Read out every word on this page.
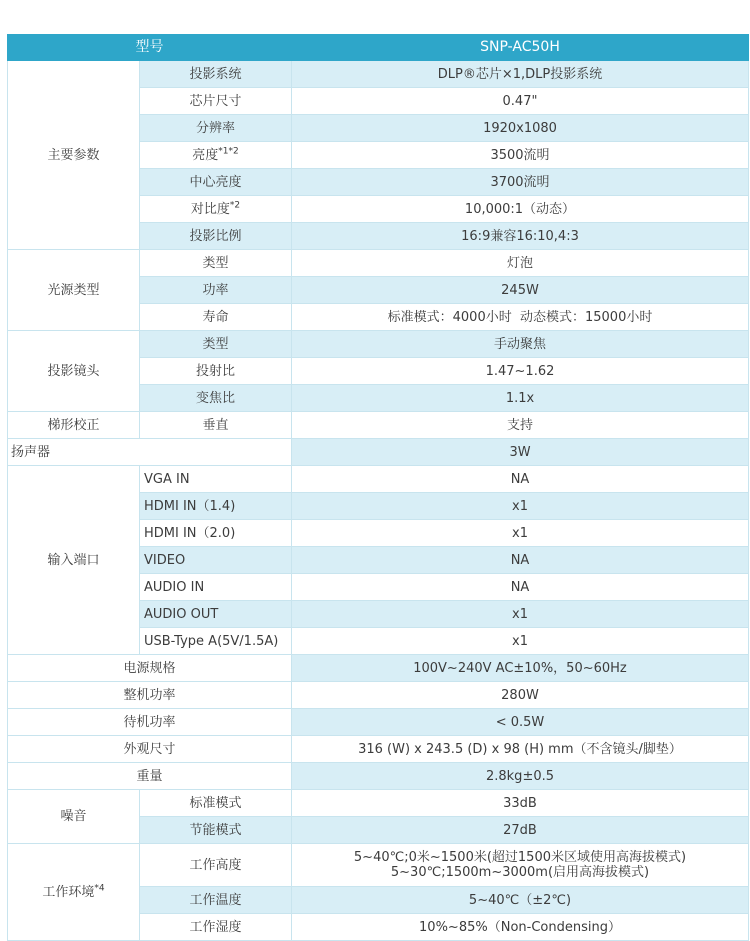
型号		SNP-AC50H
主要参数	投影系统	DLP®芯片×1,DLP投影系统
	芯片尺寸	0.47"
	分辨率	1920x1080
	亮度$^{*1*2}$	3500流明
	中心亮度	3700流明
	对比度$^{*2}$	10,000:1（动态）
	投影比例	16:9兼容16:10,4:3
光源类型	类型	灯泡
	功率	245W
	寿命	标准模式：4000小时  动态模式：15000小时
投影镜头	类型	手动聚焦
	投射比	1.47~1.62
	变焦比	1.1x
梯形校正	垂直	支持
扬声器		3W
输入端口	VGA IN	NA
	HDMI IN（1.4)	x1
	HDMI IN（2.0)	x1
	VIDEO	NA
	AUDIO IN	NA
	AUDIO OUT	x1
	USB-Type A(5V/1.5A)	x1
电源规格		100V~240V AC±10%，50~60Hz
整机功率		280W
待机功率		< 0.5W
外观尺寸		316 (W) x 243.5 (D) x 98 (H) mm（不含镜头/脚垫）
重量		2.8kg±0.5
噪音	标准模式	33dB
	节能模式	27dB
工作环境$^{*4}$	工作高度	5~40℃;0米~1500米(超过1500米区域使用高海拔模式)
5~30℃;1500m~3000m(启用高海拔模式)

	工作温度	5~40℃（±2℃)
	工作湿度	10%~85%（Non-Condensing）
